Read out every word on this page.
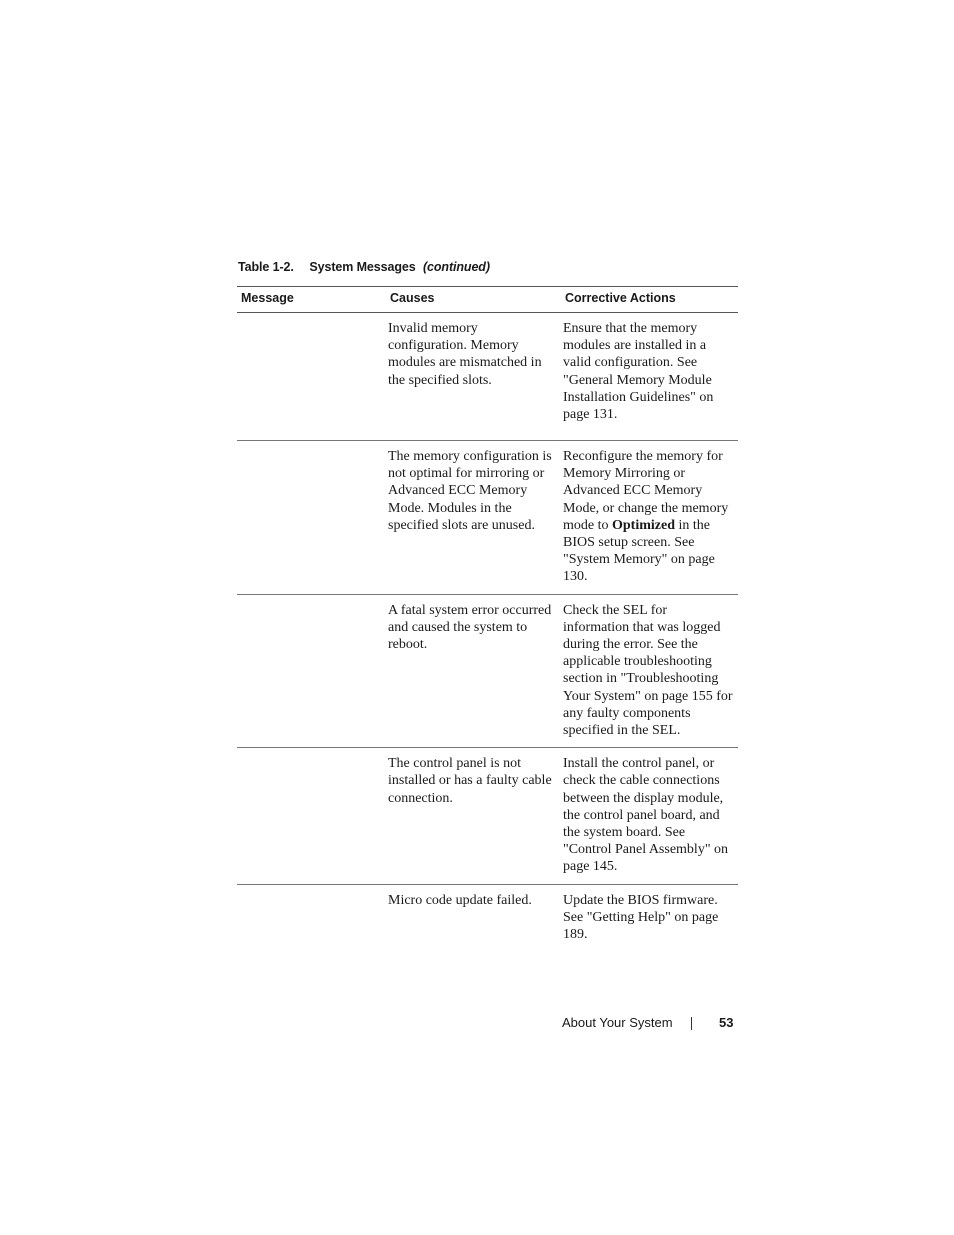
Table 1-2. System Messages (continued)
Message	Causes	Corrective Actions
	Invalid memory configuration. Memory modules are mismatched in the specified slots.	Ensure that the memory modules are installed in a valid configuration. See "General Memory Module Installation Guidelines" on page 131.
	The memory configuration is not optimal for mirroring or Advanced ECC Memory Mode. Modules in the specified slots are unused.	Reconfigure the memory for Memory Mirroring or Advanced ECC Memory Mode, or change the memory mode to Optimized in the BIOS setup screen. See "System Memory" on page 130.
	A fatal system error occurred and caused the system to reboot.	Check the SEL for information that was logged during the error. See the applicable troubleshooting section in "Troubleshooting Your System" on page 155 for any faulty components specified in the SEL.
	The control panel is not installed or has a faulty cable connection.	Install the control panel, or check the cable connections between the display module, the control panel board, and the system board. See "Control Panel Assembly" on page 145.
	Micro code update failed.	Update the BIOS firmware. See "Getting Help" on page 189.
About Your System	53
